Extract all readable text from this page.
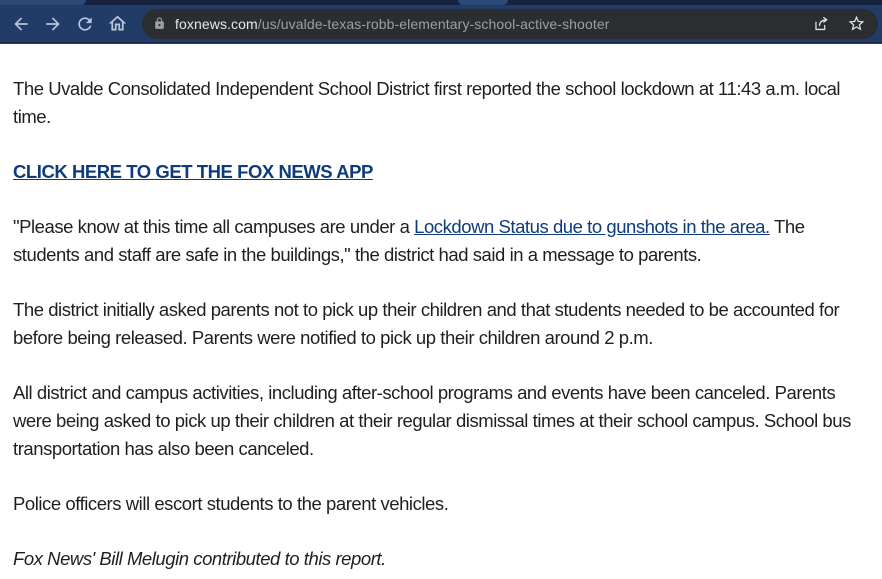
foxnews.com/us/uvalde-texas-robb-elementary-school-active-shooter

The Uvalde Consolidated Independent School District first reported the school lockdown at 11:43 a.m. local time.

CLICK HERE TO GET THE FOX NEWS APP

"Please know at this time all campuses are under a Lockdown Status due to gunshots in the area. The students and staff are safe in the buildings," the district had said in a message to parents.

The district initially asked parents not to pick up their children and that students needed to be accounted for before being released. Parents were notified to pick up their children around 2 p.m.

All district and campus activities, including after-school programs and events have been canceled. Parents were being asked to pick up their children at their regular dismissal times at their school campus. School bus transportation has also been canceled.

Police officers will escort students to the parent vehicles.

Fox News' Bill Melugin contributed to this report.
